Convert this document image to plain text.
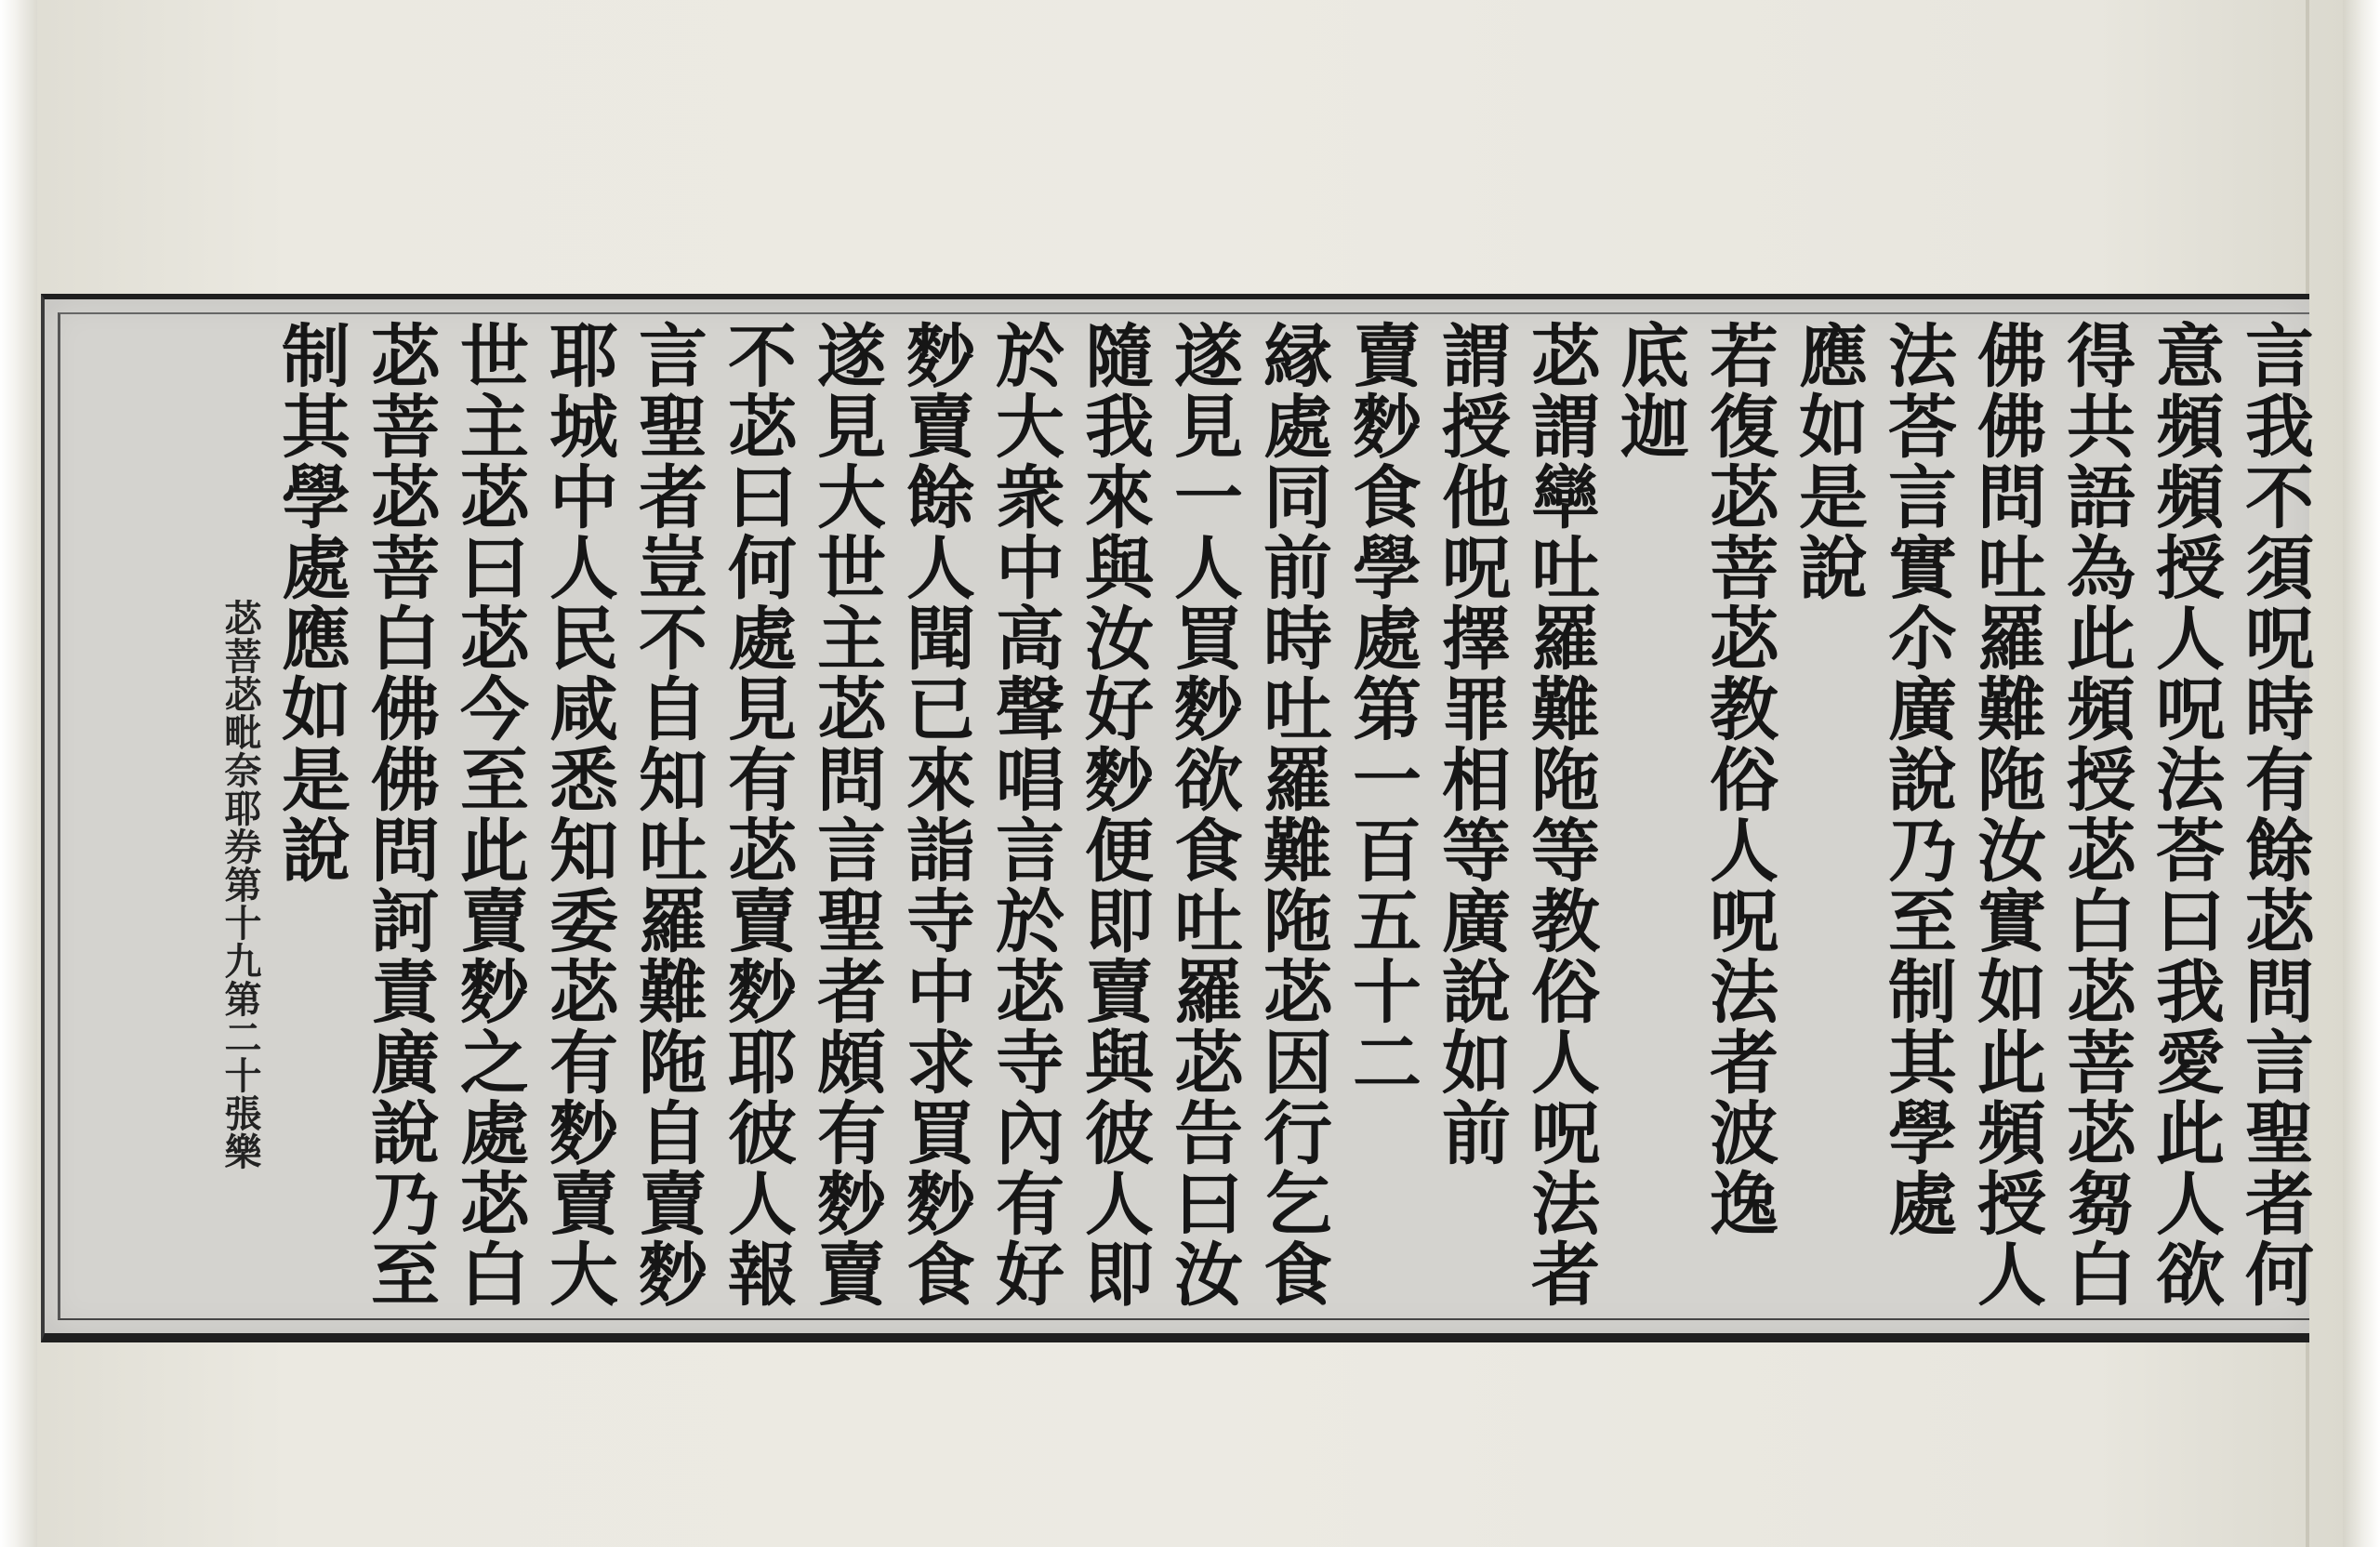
言我不須呪時有餘苾問言聖者何
意頻頻授人呪法荅曰我愛此人欲
得共語為此頻授苾白苾菩苾芻白
佛佛問吐羅難陁汝實如此頻授人
法荅言實尒廣說乃至制其學處
應如是說
若復苾菩苾教俗人呪法者波逸
底迦
苾謂卛吐羅難陁等教俗人呪法者
謂授他呪擇罪相等廣說如前
賣麨食學處第一百五十二
縁處同前時吐羅難陁苾因行乞食
遂見一人買麨欲食吐羅苾告曰汝
隨我來與汝好麨便即賣與彼人即
於大衆中高聲唱言於苾寺內有好
麨賣餘人聞已來詣寺中求買麨食
遂見大世主苾問言聖者頗有麨賣
不苾曰何處見有苾賣麨耶彼人報
言聖者豈不自知吐羅難陁自賣麨
耶城中人民咸悉知委苾有麨賣大
世主苾曰苾今至此賣麨之處苾白
苾菩苾菩白佛佛問訶責廣說乃至
制其學處應如是說
苾菩苾毗奈耶券第十九第二十張樂
